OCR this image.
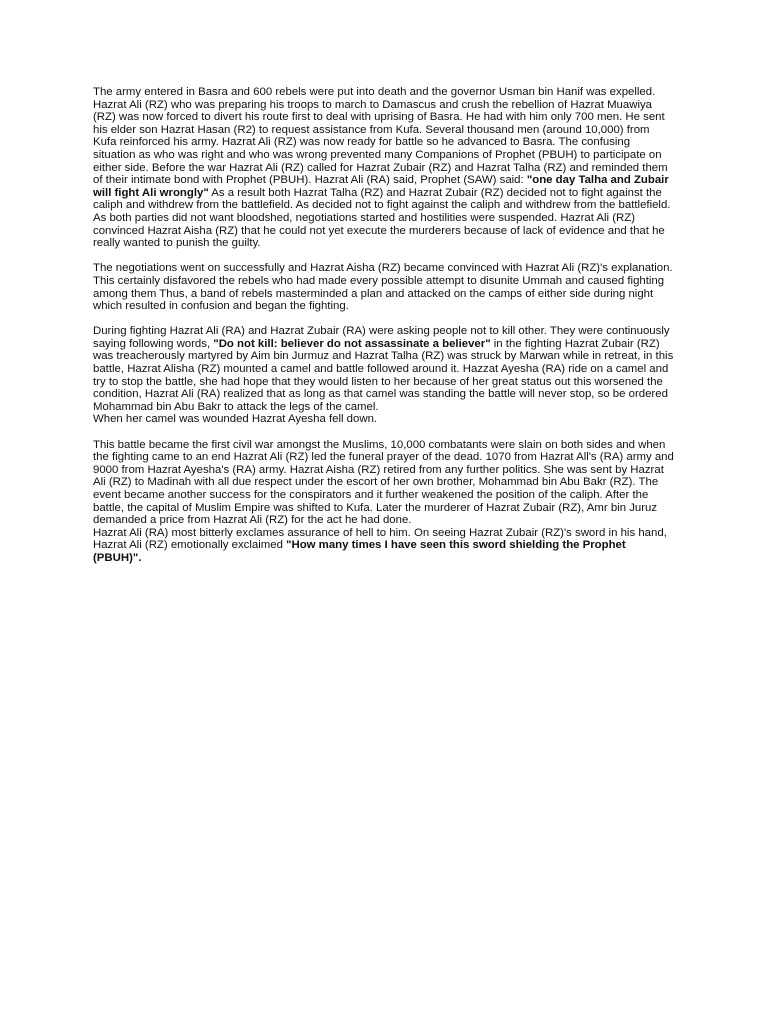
The army entered in Basra and 600 rebels were put into death and the governor Usman bin Hanif was expelled. Hazrat Ali (RZ) who was preparing his troops to march to Damascus and crush the rebellion of Hazrat Muawiya (RZ) was now forced to divert his route first to deal with uprising of Basra. He had with him only 700 men. He sent his elder son Hazrat Hasan (R2) to request assistance from Kufa. Several thousand men (around 10,000) from Kufa reinforced his army. Hazrat Ali (RZ) was now ready for battle so he advanced to Basra. The confusing situation as who was right and who was wrong prevented many Companions of Prophet (PBUH) to participate on either side. Before the war Hazrat Ali (RZ) called for Hazrat Zubair (RZ) and Hazrat Talha (RZ) and reminded them of their intimate bond with Prophet (PBUH). Hazrat Ali (RA) said, Prophet (SAW) said: "one day Talha and Zubair will fight Ali wrongly" As a result both Hazrat Talha (RZ) and Hazrat Zubair (RZ) decided not to fight against the caliph and withdrew from the battlefield. As decided not to fight against the caliph and withdrew from the battlefield. As both parties did not want bloodshed, negotiations started and hostilities were suspended. Hazrat Ali (RZ) convinced Hazrat Aisha (RZ) that he could not yet execute the murderers because of lack of evidence and that he really wanted to punish the guilty.

The negotiations went on successfully and Hazrat Aisha (RZ) became convinced with Hazrat Ali (RZ)'s explanation. This certainly disfavored the rebels who had made every possible attempt to disunite Ummah and caused fighting among them Thus, a band of rebels masterminded a plan and attacked on the camps of either side during night which resulted in confusion and began the fighting.

During fighting Hazrat Ali (RA) and Hazrat Zubair (RA) were asking people not to kill other. They were continuously saying following words, "Do not kill: believer do not assassinate a believer" in the fighting Hazrat Zubair (RZ) was treacherously martyred by Aim bin Jurmuz and Hazrat Talha (RZ) was struck by Marwan while in retreat, in this battle, Hazrat Alisha (RZ) mounted a camel and battle followed around it. Hazzat Ayesha (RA) ride on a camel and try to stop the battle, she had hope that they would listen to her because of her great status out this worsened the condition, Hazrat Ali (RA) realized that as long as that camel was standing the battle will never stop, so be ordered Mohammad bin Abu Bakr to attack the legs of the camel.

When her camel was wounded Hazrat Ayesha fell down.

This battle became the first civil war amongst the Muslims, 10,000 combatants were slain on both sides and when the fighting came to an end Hazrat Ali (RZ) led the funeral prayer of the dead. 1070 from Hazrat All's (RA) army and 9000 from Hazrat Ayesha's (RA) army. Hazrat Aisha (RZ) retired from any further politics. She was sent by Hazrat Ali (RZ) to Madinah with all due respect under the escort of her own brother, Mohammad bin Abu Bakr (RZ). The event became another success for the conspirators and it further weakened the position of the caliph. After the battle, the capital of Muslim Empire was shifted to Kufa. Later the murderer of Hazrat Zubair (RZ), Amr bin Juruz demanded a price from Hazrat Ali (RZ) for the act he had done.

Hazrat Ali (RA) most bitterly exclames assurance of hell to him. On seeing Hazrat Zubair (RZ)'s sword in his hand, Hazrat Ali (RZ) emotionally exclaimed "How many times I have seen this sword shielding the Prophet (PBUH)".
